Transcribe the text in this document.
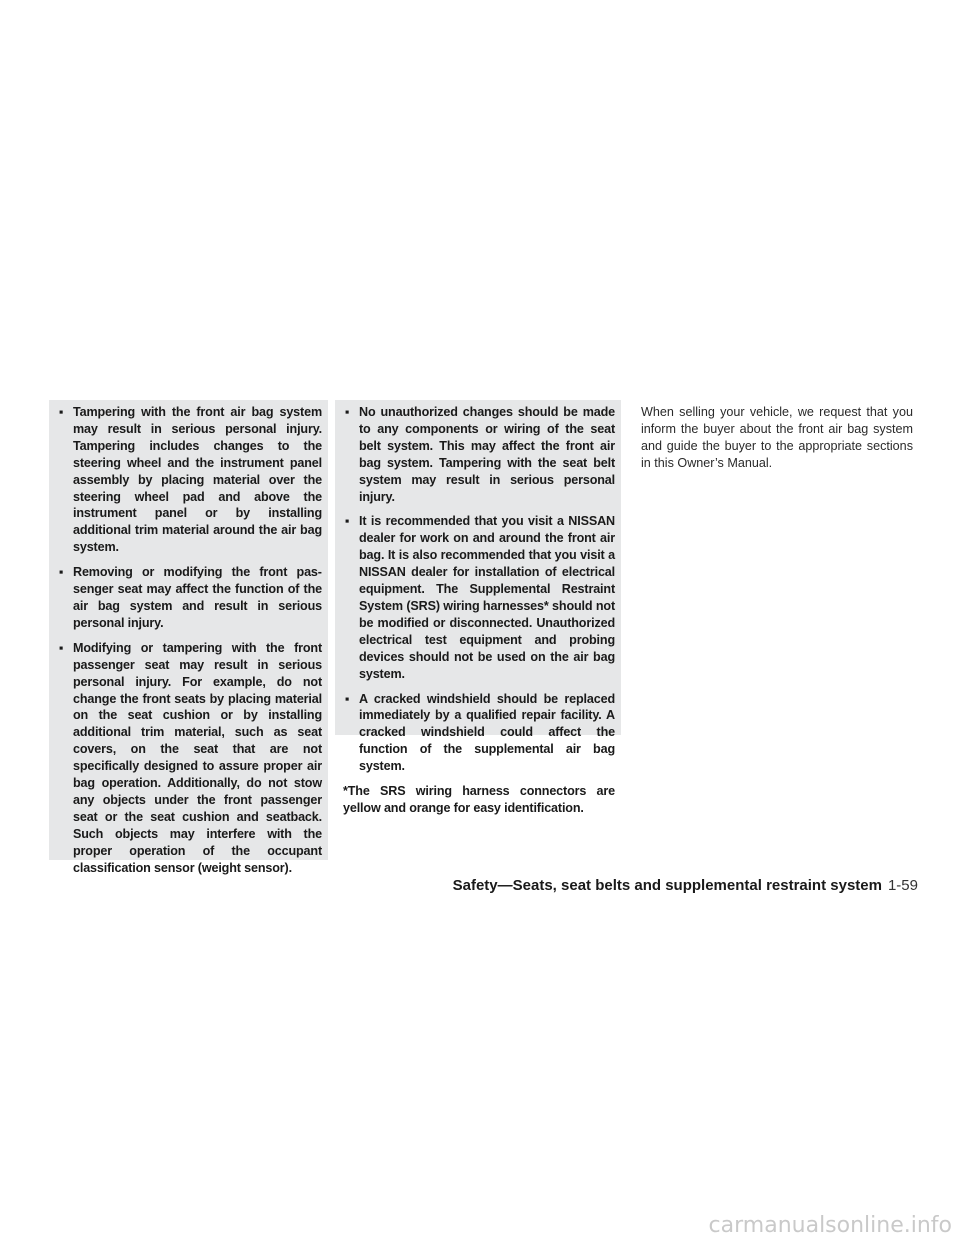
▪ Tampering with the front air bag system may result in serious personal injury. Tampering includes changes to the steering wheel and the instrument panel assembly by placing material over the steering wheel pad and above the instrument panel or by installing additional trim material around the air bag system.
▪ Removing or modifying the front passenger seat may affect the function of the air bag system and result in serious personal injury.
▪ Modifying or tampering with the front passenger seat may result in serious personal injury. For example, do not change the front seats by placing material on the seat cushion or by installing additional trim material, such as seat covers, on the seat that are not specifically designed to assure proper air bag operation. Additionally, do not stow any objects under the front passenger seat or the seat cushion and seatback. Such objects may interfere with the proper operation of the occupant classification sensor (weight sensor).
▪ No unauthorized changes should be made to any components or wiring of the seat belt system. This may affect the front air bag system. Tampering with the seat belt system may result in serious personal injury.
▪ It is recommended that you visit a NISSAN dealer for work on and around the front air bag. It is also recommended that you visit a NISSAN dealer for installation of electrical equipment. The Supplemental Restraint System (SRS) wiring harnesses* should not be modified or disconnected. Unauthorized electrical test equipment and probing devices should not be used on the air bag system.
▪ A cracked windshield should be replaced immediately by a qualified repair facility. A cracked windshield could affect the function of the supplemental air bag system.
*The SRS wiring harness connectors are yellow and orange for easy identification.
When selling your vehicle, we request that you inform the buyer about the front air bag system and guide the buyer to the appropriate sections in this Owner’s Manual.
Safety—Seats, seat belts and supplemental restraint system 1-59
carmanualsonline.info
